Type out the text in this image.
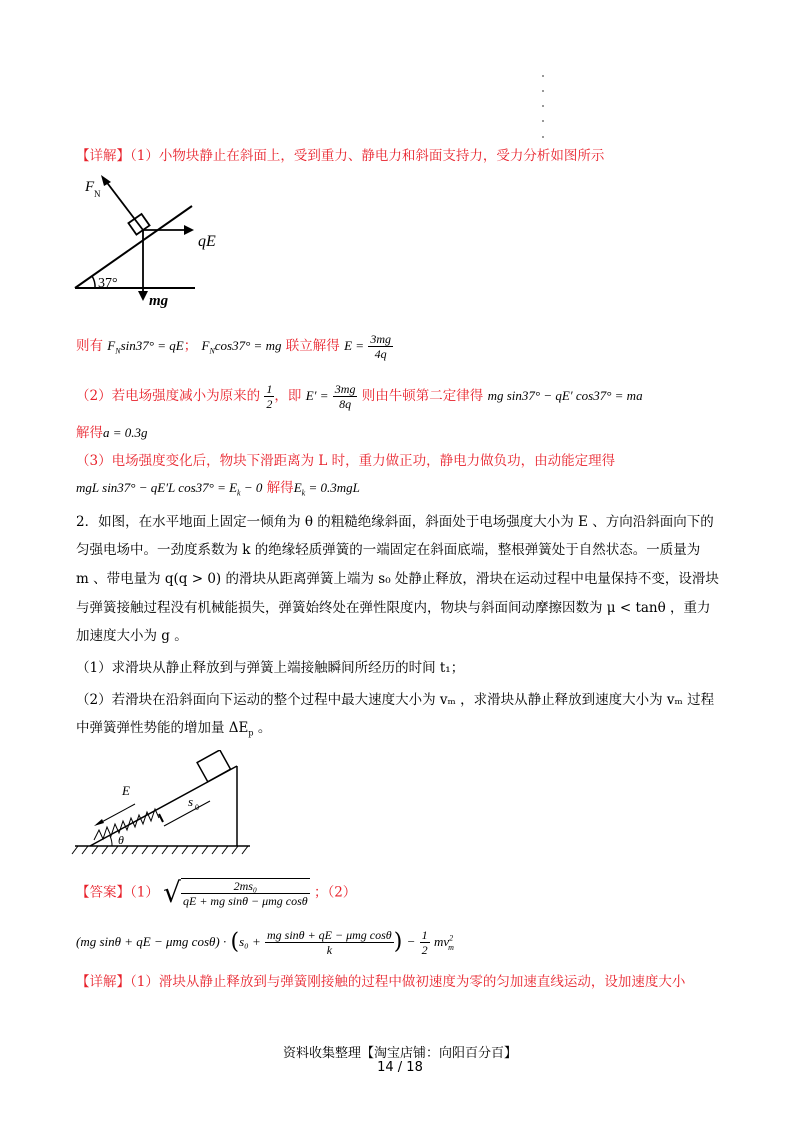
【详解】（1）小物块静止在斜面上，受到重力、静电力和斜面支持力，受力分析如图所示
F N
qE
37°
mg
则有 $F_N\sin 37^\circ$ = qE； $F_N\cos 37^\circ$ = mg 联立解得 $E = \frac{3mg}{4q}$
（2）若电场强度减小为原来的 $\frac{1}{2}$ ，即 $E' = \frac{3mg}{8q}$ 则由牛顿第二定律得 mg sin37° − qE′ cos37° = ma
解得a = 0.3g
（3）电场强度变化后，物块下滑距离为 L 时，重力做正功，静电力做负功，由动能定理得
mgL sin37° − qE′L $\cos 37^\circ = E_k - 0$ 解得$E_k = 0.3mgL$
2．如图，在水平地面上固定一倾角为 θ 的粗糙绝缘斜面，斜面处于电场强度大小为 E 、方向沿斜面向下的
匀强电场中。一劲度系数为 k 的绝缘轻质弹簧的一端固定在斜面底端，整根弹簧处于自然状态。一质量为
m 、带电量为 q(q > 0) 的滑块从距离弹簧上端为 s₀ 处静止释放，滑块在运动过程中电量保持不变，设滑块
与弹簧接触过程没有机械能损失，弹簧始终处在弹性限度内，物块与斜面间动摩擦因数为 μ < tanθ ，重力
加速度大小为 g 。
（1）求滑块从静止释放到与弹簧上端接触瞬间所经历的时间 t₁；
（2）若滑块在沿斜面向下运动的整个过程中最大速度大小为 vₘ ，求滑块从静止释放到速度大小为 vₘ 过程
中弹簧弹性势能的增加量 $\Delta E_p$ 。
E
s 0
θ
【答案】（1） √ $\frac{\text{2ms₀}}{\text{qE + mg sinθ − μmg cosθ}}$ ；（2）
(mg sinθ + qE − μmg $\cos\theta) \cdot (s_0 + \frac{\text{mg sinθ + qE − μmg cosθ}}{k}$ ) − $\frac{1}{2} mv^2_m$
【详解】（1）滑块从静止释放到与弹簧刚接触的过程中做初速度为零的匀加速直线运动，设加速度大小
资料收集整理【淘宝店铺：向阳百分百】
14 / 18
